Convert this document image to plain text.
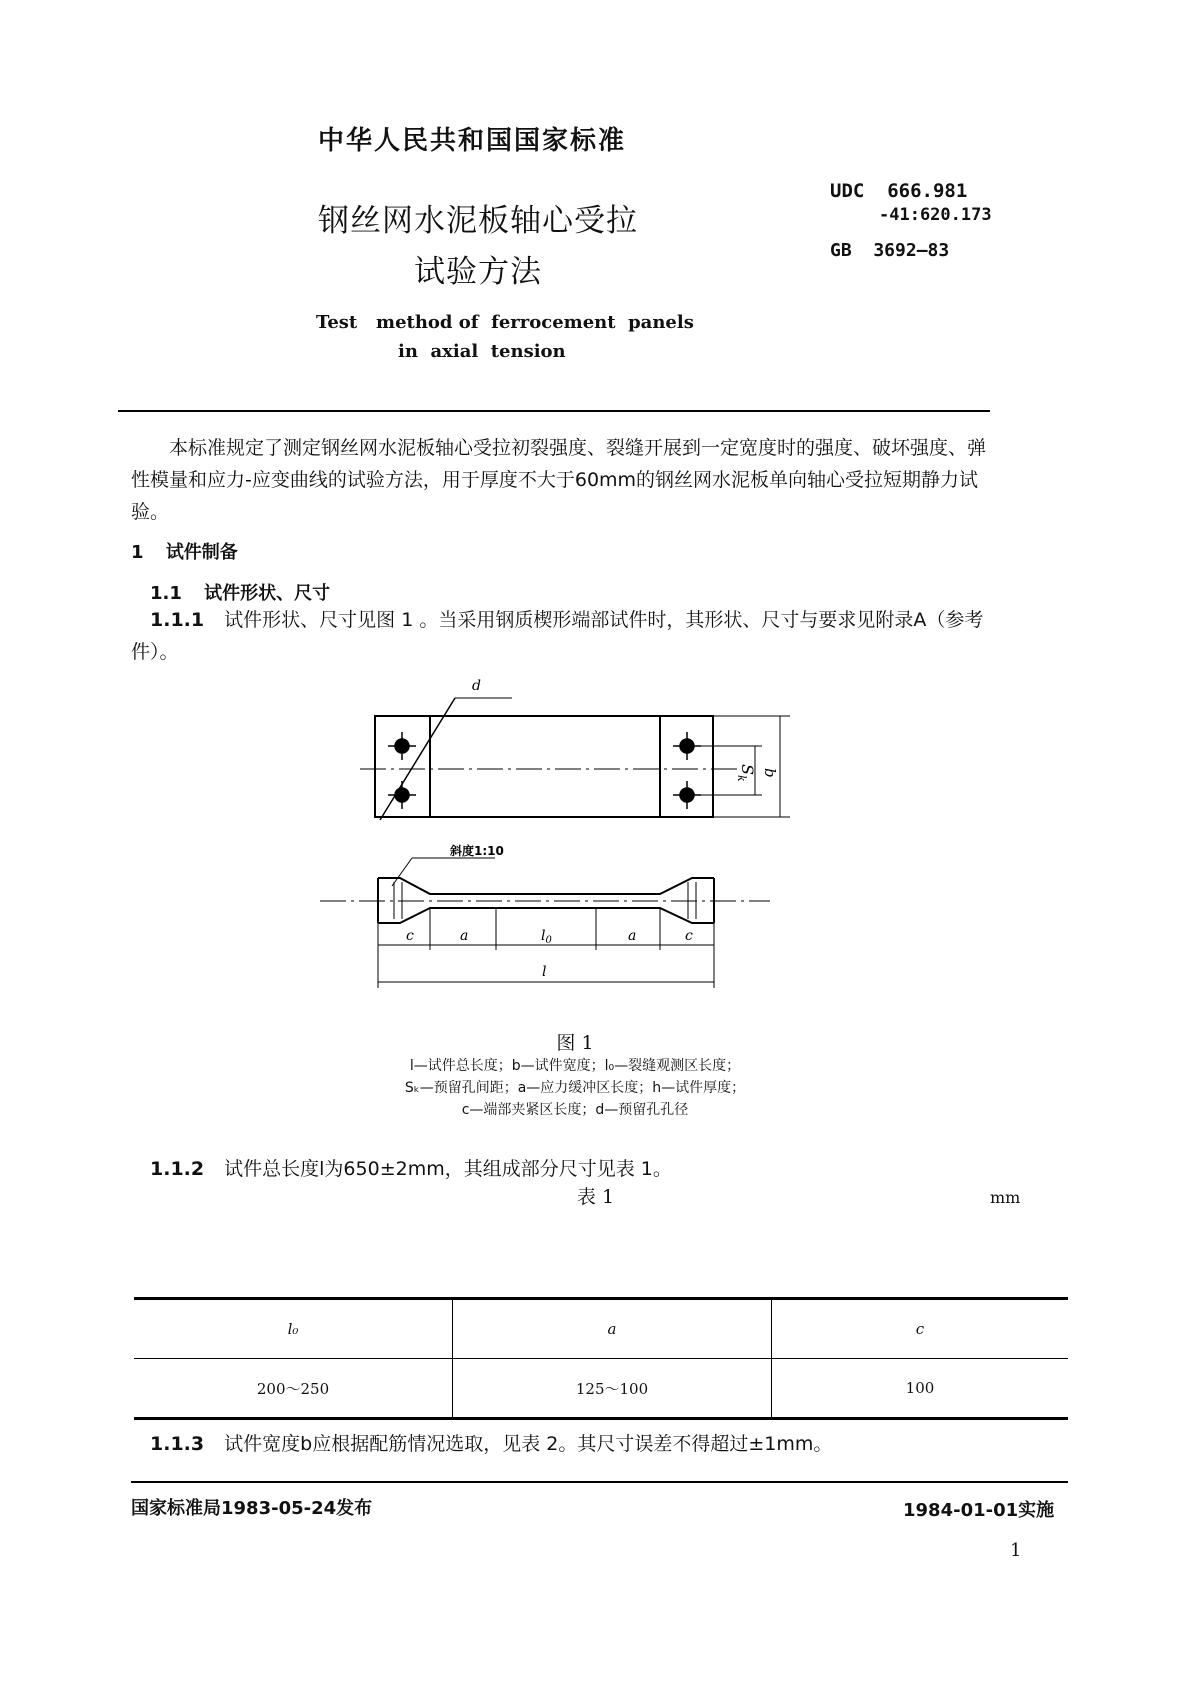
中华人民共和国国家标准
钢丝网水泥板轴心受拉
试验方法
Test   method of  ferrocement  panels
in  axial  tension
UDC  666.981
-41:620.173
GB  3692—83
本标准规定了测定钢丝网水泥板轴心受拉初裂强度、裂缝开展到一定宽度时的强度、破坏强度、弹性模量和应力-应变曲线的试验方法，用于厚度不大于60mm的钢丝网水泥板单向轴心受拉短期静力试验。
1 试件制备
1.1 试件形状、尺寸
1.1.1 试件形状、尺寸见图 1 。当采用钢质楔形端部试件时，其形状、尺寸与要求见附录A（参考件）。
d
$S_k$
b
斜度1:10
c	a	$l_0$	a	c
l
图 1
l—试件总长度；b—试件宽度；l₀—裂缝观测区长度；
Sₖ—预留孔间距；a—应力缓冲区长度；h—试件厚度；
c—端部夹紧区长度；d—预留孔孔径
1.1.2 试件总长度l为650±2mm，其组成部分尺寸见表 1。
表 1	mm
l₀	a	c
200～250	125～100	100
1.1.3 试件宽度b应根据配筋情况选取，见表 2。其尺寸误差不得超过±1mm。
国家标准局1983-05-24发布	1984-01-01实施
1
